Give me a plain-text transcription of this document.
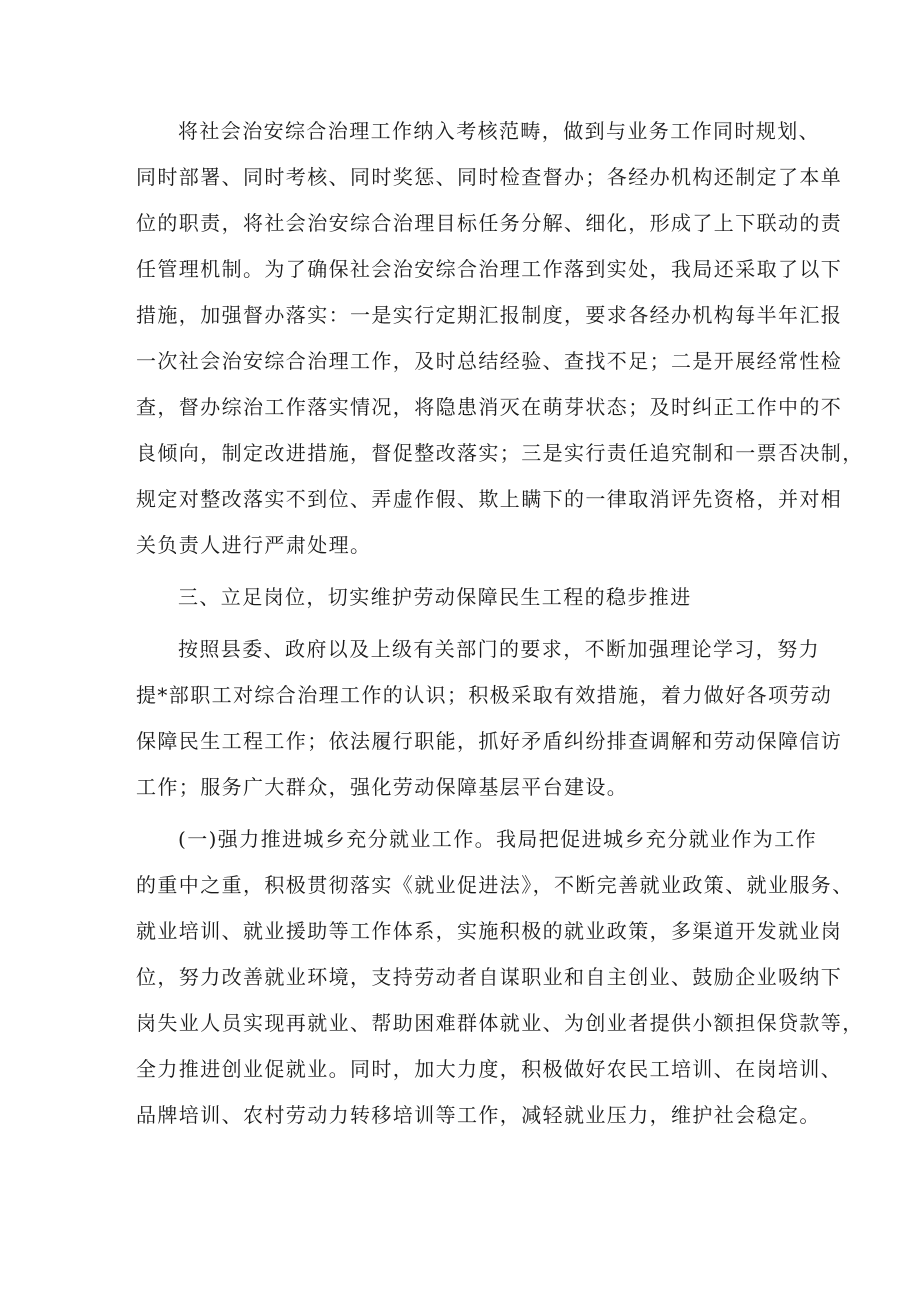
将社会治安综合治理工作纳入考核范畴，做到与业务工作同时规划、
同时部署、同时考核、同时奖惩、同时检查督办；各经办机构还制定了本单
位的职责，将社会治安综合治理目标任务分解、细化，形成了上下联动的责
任管理机制。为了确保社会治安综合治理工作落到实处，我局还采取了以下
措施，加强督办落实：一是实行定期汇报制度，要求各经办机构每半年汇报
一次社会治安综合治理工作，及时总结经验、查找不足；二是开展经常性检
查，督办综治工作落实情况，将隐患消灭在萌芽状态；及时纠正工作中的不
良倾向，制定改进措施，督促整改落实；三是实行责任追究制和一票否决制，
规定对整改落实不到位、弄虚作假、欺上瞒下的一律取消评先资格，并对相
关负责人进行严肃处理。
三、立足岗位，切实维护劳动保障民生工程的稳步推进
按照县委、政府以及上级有关部门的要求，不断加强理论学习，努力
提*部职工对综合治理工作的认识；积极采取有效措施，着力做好各项劳动
保障民生工程工作；依法履行职能，抓好矛盾纠纷排查调解和劳动保障信访
工作；服务广大群众，强化劳动保障基层平台建设。
(一)强力推进城乡充分就业工作。我局把促进城乡充分就业作为工作
的重中之重，积极贯彻落实《就业促进法》，不断完善就业政策、就业服务、
就业培训、就业援助等工作体系，实施积极的就业政策，多渠道开发就业岗
位，努力改善就业环境，支持劳动者自谋职业和自主创业、鼓励企业吸纳下
岗失业人员实现再就业、帮助困难群体就业、为创业者提供小额担保贷款等，
全力推进创业促就业。同时，加大力度，积极做好农民工培训、在岗培训、
品牌培训、农村劳动力转移培训等工作，减轻就业压力，维护社会稳定。
